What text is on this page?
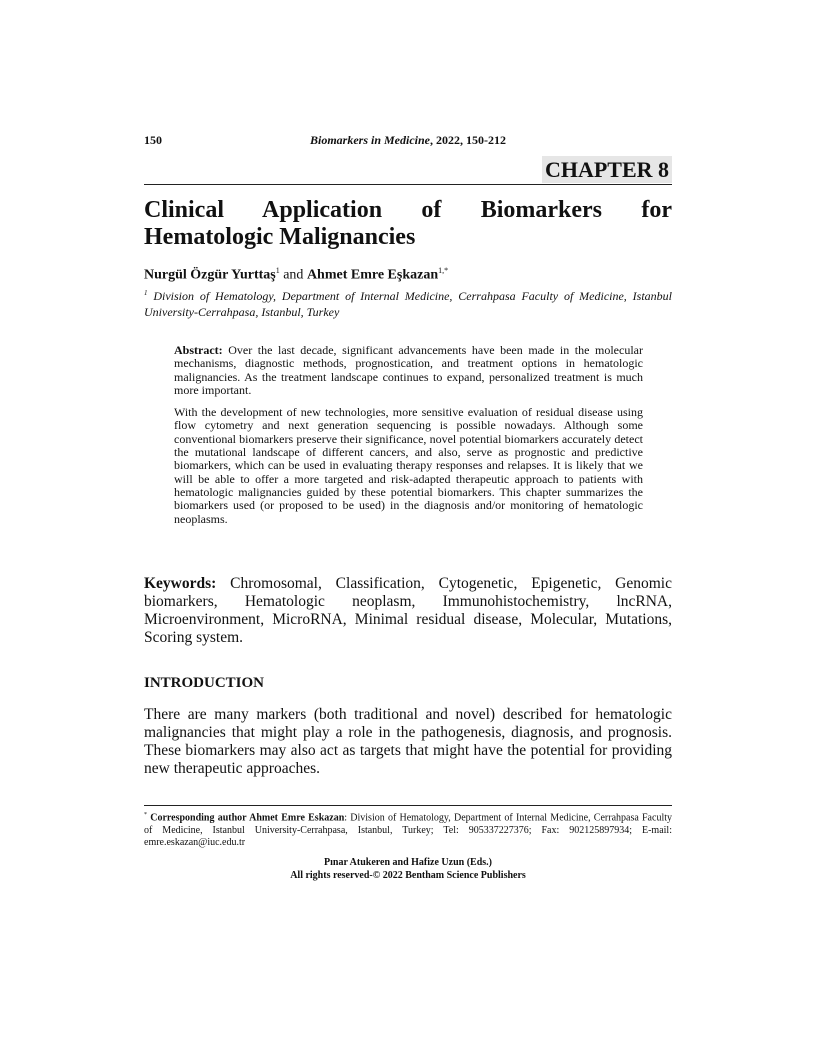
150	Biomarkers in Medicine, 2022, 150-212
CHAPTER 8
Clinical Application of Biomarkers for
Hematologic Malignancies
Nurgül Özgür Yurttaş$^1$ and Ahmet Emre Eşkazan$^{1,*}$
$^1$ Division of Hematology, Department of Internal Medicine, Cerrahpasa Faculty of Medicine, Istanbul University-Cerrahpasa, Istanbul, Turkey

Abstract: Over the last decade, significant advancements have been made in the molecular mechanisms, diagnostic methods, prognostication, and treatment options in hematologic malignancies. As the treatment landscape continues to expand, personalized treatment is much more important.

With the development of new technologies, more sensitive evaluation of residual disease using flow cytometry and next generation sequencing is possible nowadays. Although some conventional biomarkers preserve their significance, novel potential biomarkers accurately detect the mutational landscape of different cancers, and also, serve as prognostic and predictive biomarkers, which can be used in evaluating therapy responses and relapses. It is likely that we will be able to offer a more targeted and risk-adapted therapeutic approach to patients with hematologic malignancies guided by these potential biomarkers. This chapter summarizes the biomarkers used (or proposed to be used) in the diagnosis and/or monitoring of hematologic neoplasms.

Keywords: Chromosomal, Classification, Cytogenetic, Epigenetic, Genomic biomarkers, Hematologic neoplasm, Immunohistochemistry, lncRNA, Microenvironment, MicroRNA, Minimal residual disease, Molecular, Mutations, Scoring system.
INTRODUCTION
There are many markers (both traditional and novel) described for hematologic malignancies that might play a role in the pathogenesis, diagnosis, and prognosis. These biomarkers may also act as targets that might have the potential for providing new therapeutic approaches.
* Corresponding author Ahmet Emre Eskazan: Division of Hematology, Department of Internal Medicine, Cerrahpasa Faculty of Medicine, Istanbul University-Cerrahpasa, Istanbul, Turkey; Tel: 905337227376; Fax: 902125897934; E-mail: emre.eskazan@iuc.edu.tr
Pınar Atukeren and Hafize Uzun (Eds.)
All rights reserved-© 2022 Bentham Science Publishers
